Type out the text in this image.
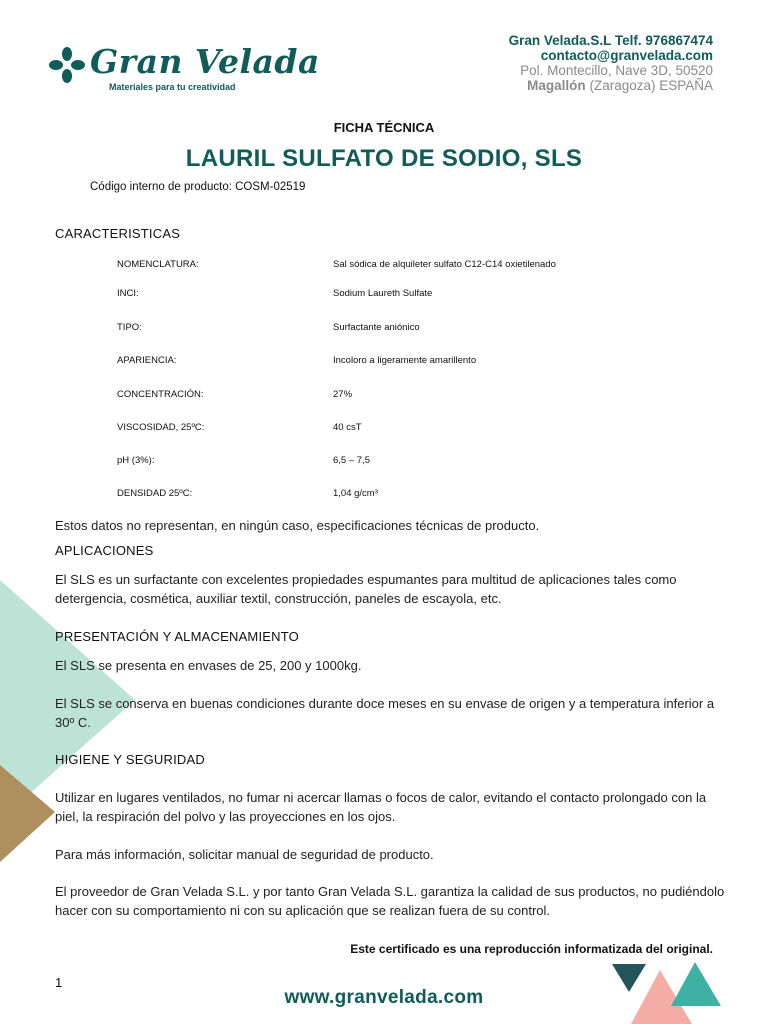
Gran Velada
Materiales para tu creatividad
Gran Velada.S.L Telf. 976867474
contacto@granvelada.com
Pol. Montecillo, Nave 3D, 50520
Magallón (Zaragoza) ESPAÑA
FICHA TÉCNICA
LAURIL SULFATO DE SODIO, SLS
Código interno de producto: COSM-02519
CARACTERISTICAS
NOMENCLATURA:	Sal sódica de alquileter sulfato C12-C14 oxietilenado
INCI:	Sodium Laureth Sulfate
TIPO:	Surfactante aniónico
APARIENCIA:	Incoloro a ligeramente amarillento
CONCENTRACIÓN:	27%
VISCOSIDAD, 25ºC:	40 csT
pH (3%):	6,5 – 7,5
DENSIDAD 25ºC:	1,04 g/cm³
Estos datos no representan, en ningún caso, especificaciones técnicas de producto.
APLICACIONES
El SLS es un surfactante con excelentes propiedades espumantes para multitud de aplicaciones tales como detergencia, cosmética, auxiliar textil, construcción, paneles de escayola, etc.
PRESENTACIÓN Y ALMACENAMIENTO
El SLS se presenta en envases de 25, 200 y 1000kg.
El SLS se conserva en buenas condiciones durante doce meses en su envase de origen y a temperatura inferior a 30º C.
HIGIENE Y SEGURIDAD
Utilizar en lugares ventilados, no fumar ni acercar llamas o focos de calor, evitando el contacto prolongado con la piel, la respiración del polvo y las proyecciones en los ojos.
Para más información, solicitar manual de seguridad de producto.
El proveedor de Gran Velada S.L. y por tanto Gran Velada S.L. garantiza la calidad de sus productos, no pudiéndolo hacer con su comportamiento ni con su aplicación que se realizan fuera de su control.
Este certificado es una reproducción informatizada del original.
1
www.granvelada.com
